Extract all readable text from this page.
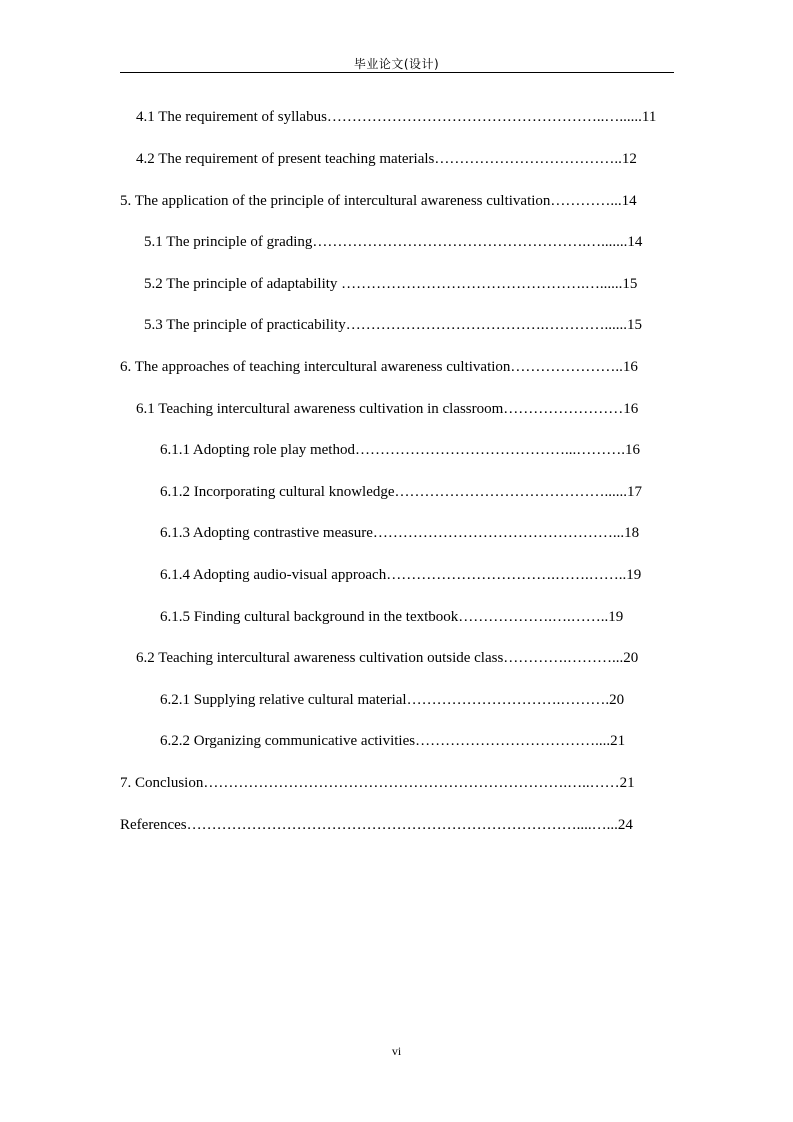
毕业论文(设计)
4.1 The requirement of syllabus………………………………………………..…......11
4.2 The requirement of present teaching materials………………………………..12
5. The application of the principle of intercultural awareness cultivation…………...14
5.1 The principle of grading……………………………………………….….......14
5.2 The principle of adaptability ………………………………………….…......15
5.3 The principle of practicability………………………………….…………......15
6. The approaches of teaching intercultural awareness cultivation…………………..16
6.1 Teaching intercultural awareness cultivation in classroom……………………16
6.1.1 Adopting role play method……………………………………...……….16
6.1.2 Incorporating cultural knowledge……………………………………......17
6.1.3 Adopting contrastive measure…………………………………………...18
6.1.4 Adopting audio-visual approach…………………………….…….……..19
6.1.5 Finding cultural background in the textbook……………….….……..19
6.2 Teaching intercultural awareness cultivation outside class………….………...20
6.2.1 Supplying relative cultural material………………………….……….20
6.2.2 Organizing communicative activities………………………………....21
7. Conclusion……………………………………………………………….…..……21
References……………………………………………………………………....…...24
vi
